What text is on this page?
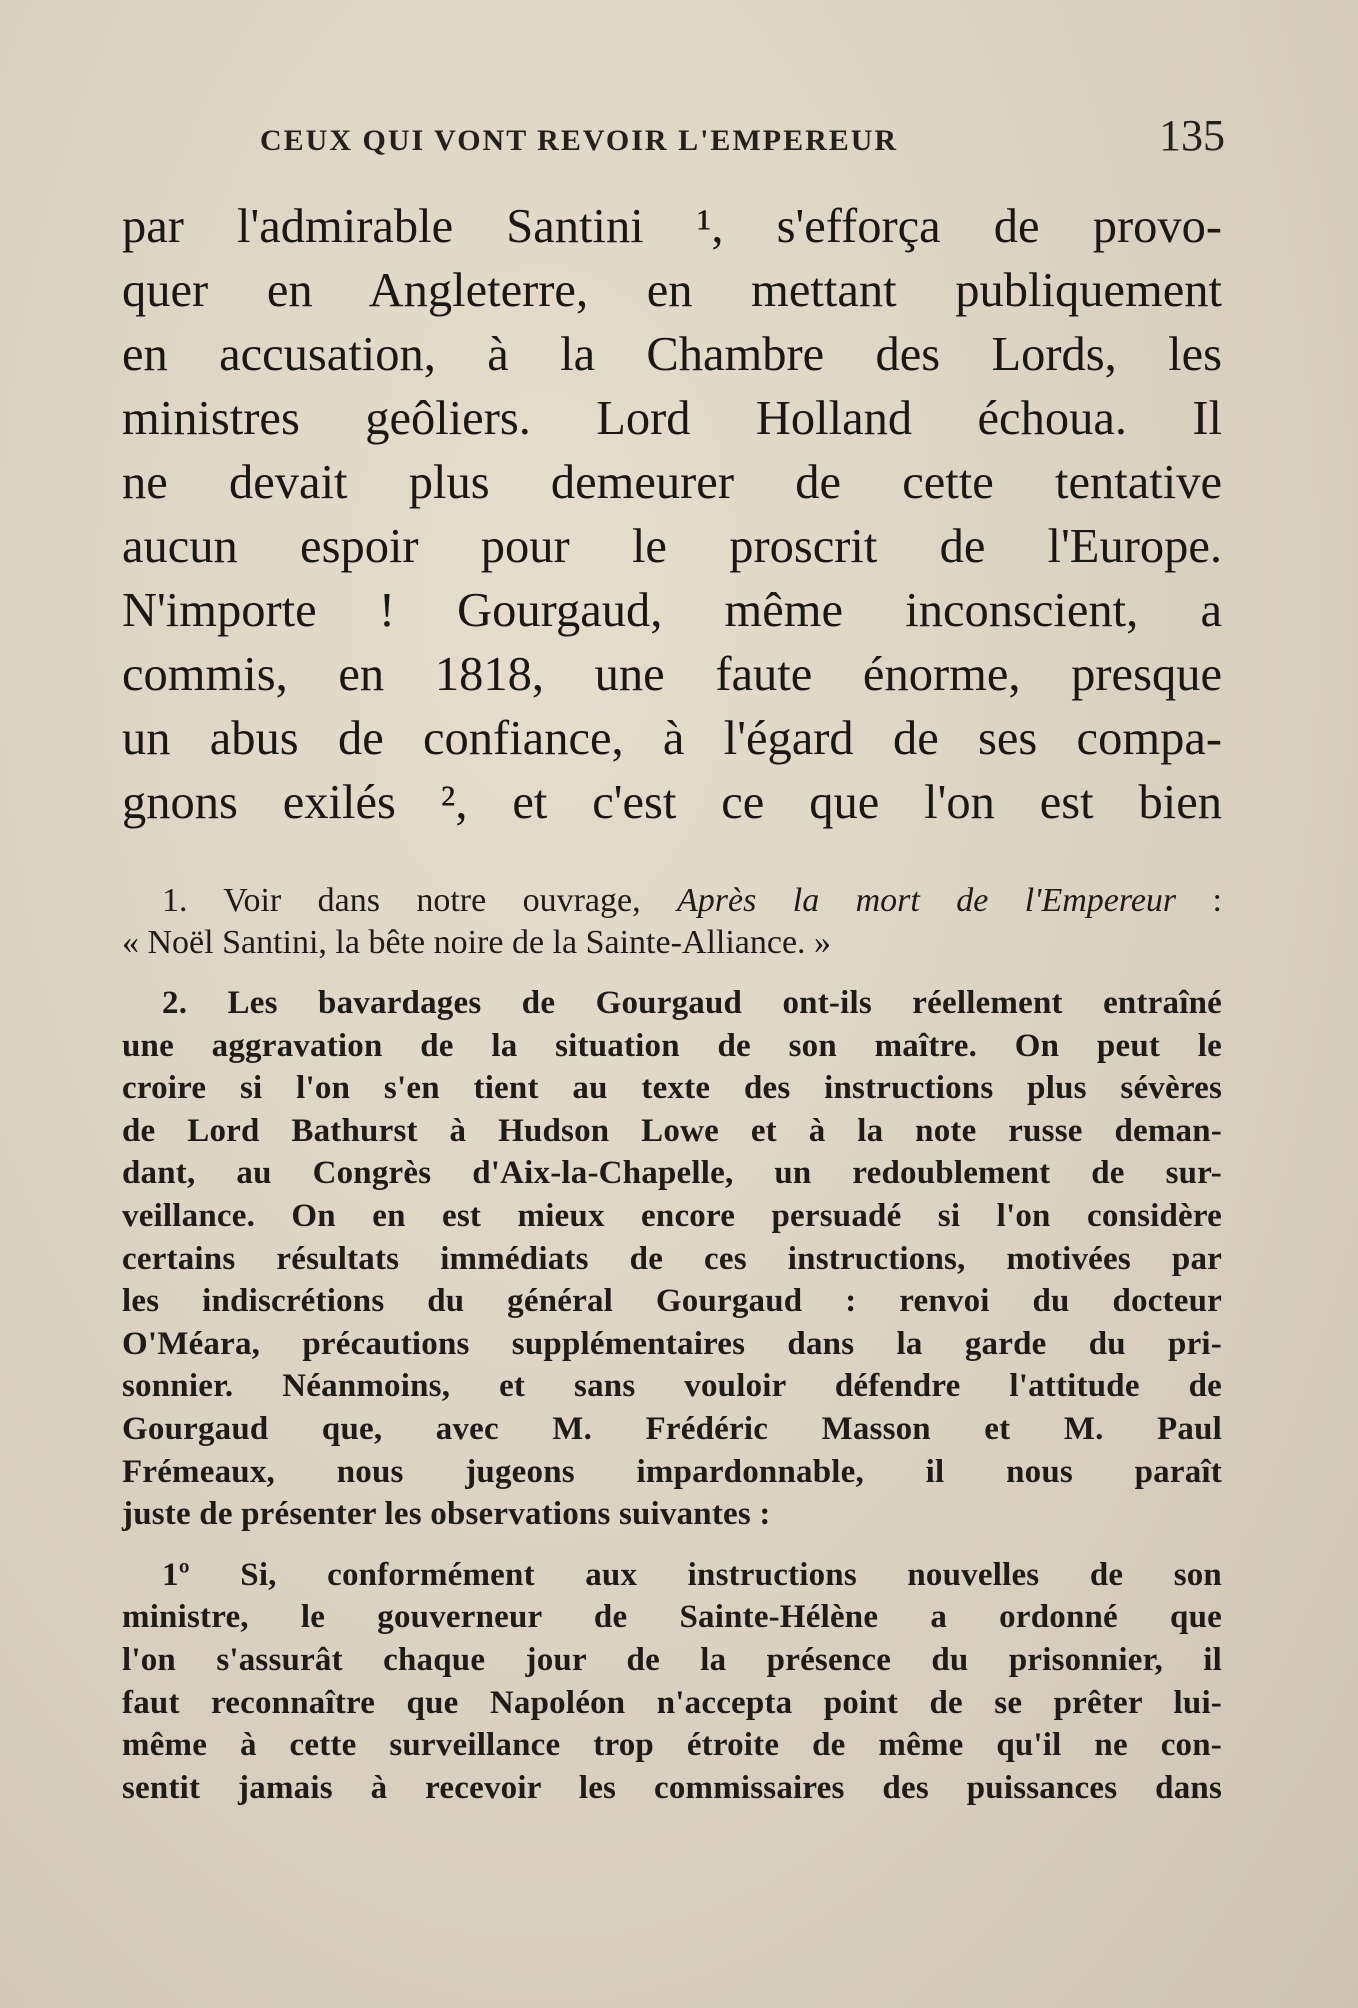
CEUX QUI VONT REVOIR L'EMPEREUR	135
par l'admirable Santini ¹, s'efforça de provo-
quer en Angleterre, en mettant publiquement
en accusation, à la Chambre des Lords, les
ministres geôliers. Lord Holland échoua. Il
ne devait plus demeurer de cette tentative
aucun espoir pour le proscrit de l'Europe.
N'importe ! Gourgaud, même inconscient, a
commis, en 1818, une faute énorme, presque
un abus de confiance, à l'égard de ses compa-
gnons exilés ², et c'est ce que l'on est bien
1. Voir dans notre ouvrage, Après la mort de l'Empereur :
« Noël Santini, la bête noire de la Sainte-Alliance. »
2. Les bavardages de Gourgaud ont-ils réellement entraîné
une aggravation de la situation de son maître. On peut le
croire si l'on s'en tient au texte des instructions plus sévères
de Lord Bathurst à Hudson Lowe et à la note russe deman-
dant, au Congrès d'Aix-la-Chapelle, un redoublement de sur-
veillance. On en est mieux encore persuadé si l'on considère
certains résultats immédiats de ces instructions, motivées par
les indiscrétions du général Gourgaud : renvoi du docteur
O'Méara, précautions supplémentaires dans la garde du pri-
sonnier. Néanmoins, et sans vouloir défendre l'attitude de
Gourgaud que, avec M. Frédéric Masson et M. Paul
Frémeaux, nous jugeons impardonnable, il nous paraît
juste de présenter les observations suivantes :
1º Si, conformément aux instructions nouvelles de son
ministre, le gouverneur de Sainte-Hélène a ordonné que
l'on s'assurât chaque jour de la présence du prisonnier, il
faut reconnaître que Napoléon n'accepta point de se prêter lui-
même à cette surveillance trop étroite de même qu'il ne con-
sentit jamais à recevoir les commissaires des puissances dans
